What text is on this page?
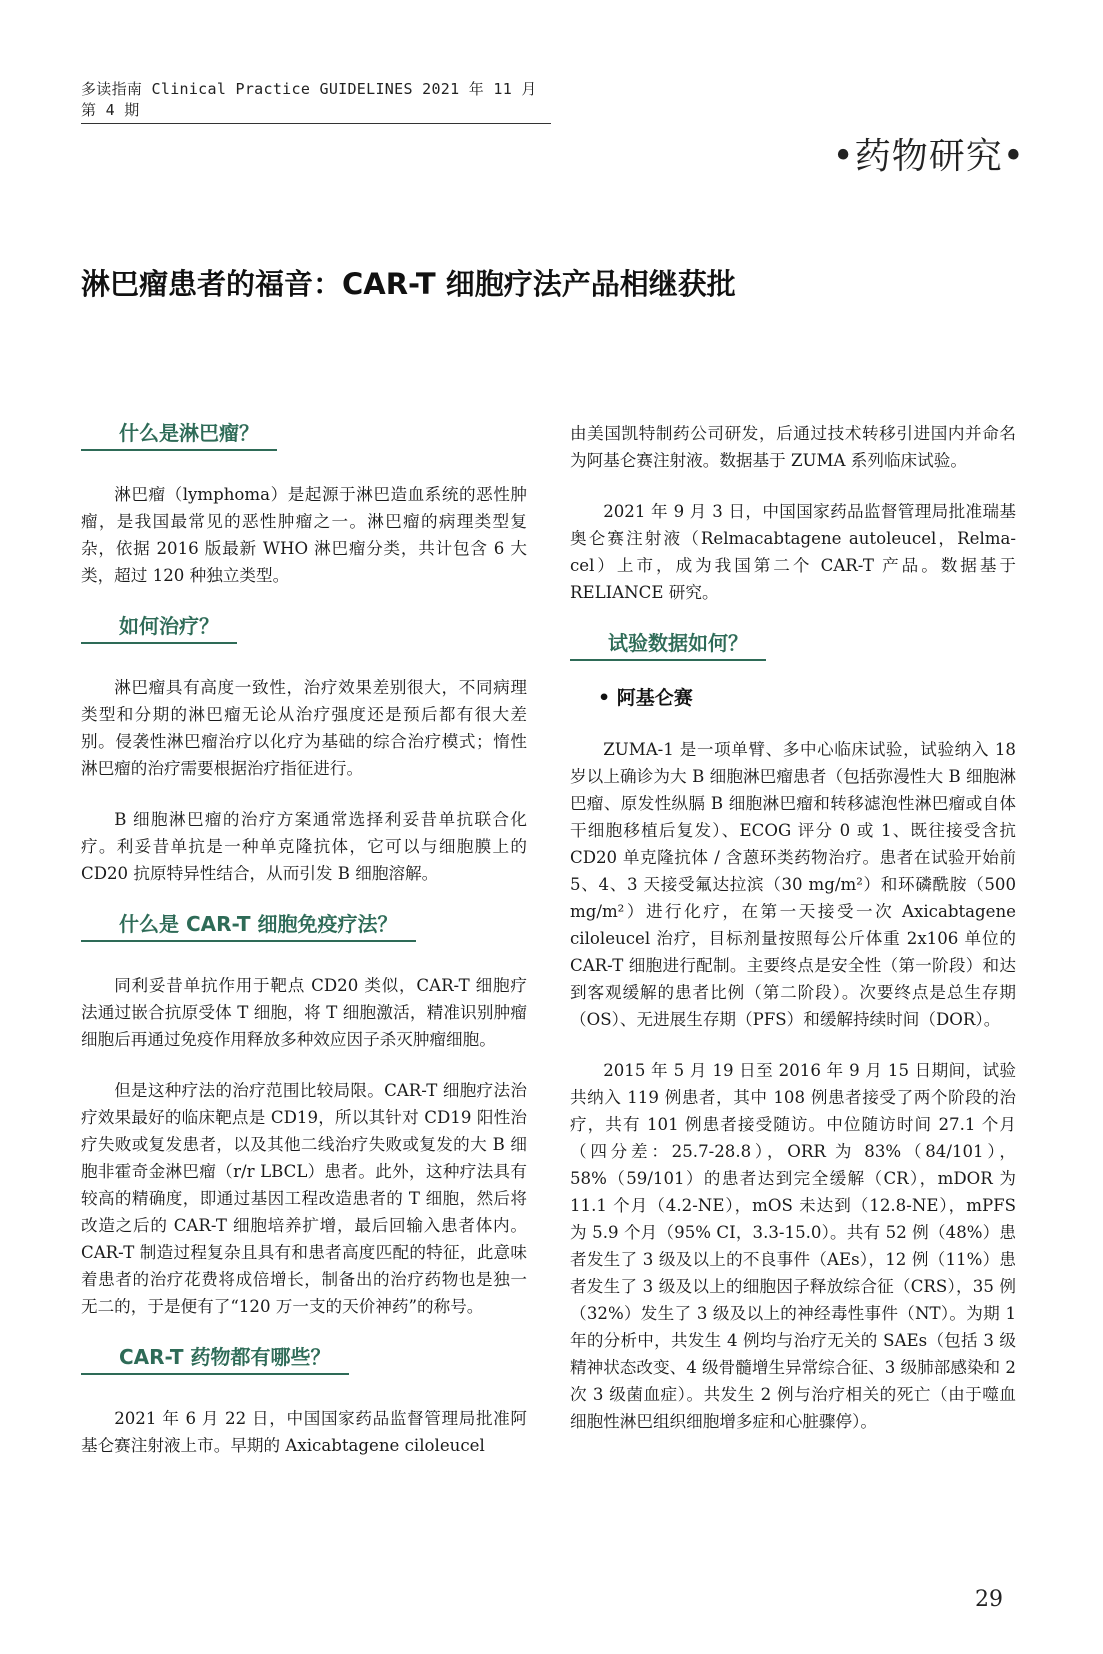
多读指南 Clinical Practice GUIDELINES 2021 年 11 月第 4 期
•药物研究•
淋巴瘤患者的福音：CAR-T 细胞疗法产品相继获批
什么是淋巴瘤？

淋巴瘤（lymphoma）是起源于淋巴造血系统的恶性肿瘤，是我国最常见的恶性肿瘤之一。淋巴瘤的病理类型复杂，依据 2016 版最新 WHO 淋巴瘤分类，共计包含 6 大类，超过 120 种独立类型。

如何治疗？

淋巴瘤具有高度一致性，治疗效果差别很大，不同病理类型和分期的淋巴瘤无论从治疗强度还是预后都有很大差别。侵袭性淋巴瘤治疗以化疗为基础的综合治疗模式；惰性淋巴瘤的治疗需要根据治疗指征进行。

B 细胞淋巴瘤的治疗方案通常选择利妥昔单抗联合化疗。利妥昔单抗是一种单克隆抗体，它可以与细胞膜上的 CD20 抗原特异性结合，从而引发 B 细胞溶解。

什么是 CAR-T 细胞免疫疗法？

同利妥昔单抗作用于靶点 CD20 类似，CAR-T 细胞疗法通过嵌合抗原受体 T 细胞，将 T 细胞激活，精准识别肿瘤细胞后再通过免疫作用释放多种效应因子杀灭肿瘤细胞。

但是这种疗法的治疗范围比较局限。CAR-T 细胞疗法治疗效果最好的临床靶点是 CD19，所以其针对 CD19 阳性治疗失败或复发患者，以及其他二线治疗失败或复发的大 B 细胞非霍奇金淋巴瘤（r/r LBCL）患者。此外，这种疗法具有较高的精确度，即通过基因工程改造患者的 T 细胞，然后将改造之后的 CAR-T 细胞培养扩增，最后回输入患者体内。CAR-T 制造过程复杂且具有和患者高度匹配的特征，此意味着患者的治疗花费将成倍增长，制备出的治疗药物也是独一无二的，于是便有了“120 万一支的天价神药”的称号。

CAR-T 药物都有哪些？

2021 年 6 月 22 日，中国国家药品监督管理局批准阿基仑赛注射液上市。早期的 Axicabtagene ciloleucel

由美国凯特制药公司研发，后通过技术转移引进国内并命名为阿基仑赛注射液。数据基于 ZUMA 系列临床试验。

2021 年 9 月 3 日，中国国家药品监督管理局批准瑞基奥仑赛注射液（Relmacabtagene autoleucel，Relma-cel）上市，成为我国第二个 CAR-T 产品。数据基于 RELIANCE 研究。

试验数据如何？
• 阿基仑赛

ZUMA-1 是一项单臂、多中心临床试验，试验纳入 18 岁以上确诊为大 B 细胞淋巴瘤患者（包括弥漫性大 B 细胞淋巴瘤、原发性纵膈 B 细胞淋巴瘤和转移滤泡性淋巴瘤或自体干细胞移植后复发）、ECOG 评分 0 或 1、既往接受含抗 CD20 单克隆抗体 / 含蒽环类药物治疗。患者在试验开始前 5、4、3 天接受氟达拉滨（30 mg/m²）和环磷酰胺（500 mg/m²）进行化疗，在第一天接受一次 Axicabtagene ciloleucel 治疗，目标剂量按照每公斤体重 2x106 单位的 CAR-T 细胞进行配制。主要终点是安全性（第一阶段）和达到客观缓解的患者比例（第二阶段）。次要终点是总生存期（OS）、无进展生存期（PFS）和缓解持续时间（DOR）。

2015 年 5 月 19 日至 2016 年 9 月 15 日期间，试验共纳入 119 例患者，其中 108 例患者接受了两个阶段的治疗，共有 101 例患者接受随访。中位随访时间 27.1 个月（四分差：25.7-28.8），ORR 为 83%（84/101），58%（59/101）的患者达到完全缓解（CR），mDOR 为 11.1 个月（4.2-NE），mOS 未达到（12.8-NE），mPFS 为 5.9 个月（95% CI，3.3-15.0）。共有 52 例（48%）患者发生了 3 级及以上的不良事件（AEs），12 例（11%）患者发生了 3 级及以上的细胞因子释放综合征（CRS），35 例（32%）发生了 3 级及以上的神经毒性事件（NT）。为期 1 年的分析中，共发生 4 例均与治疗无关的 SAEs（包括 3 级精神状态改变、4 级骨髓增生异常综合征、3 级肺部感染和 2 次 3 级菌血症）。共发生 2 例与治疗相关的死亡（由于噬血细胞性淋巴组织细胞增多症和心脏骤停）。

29
